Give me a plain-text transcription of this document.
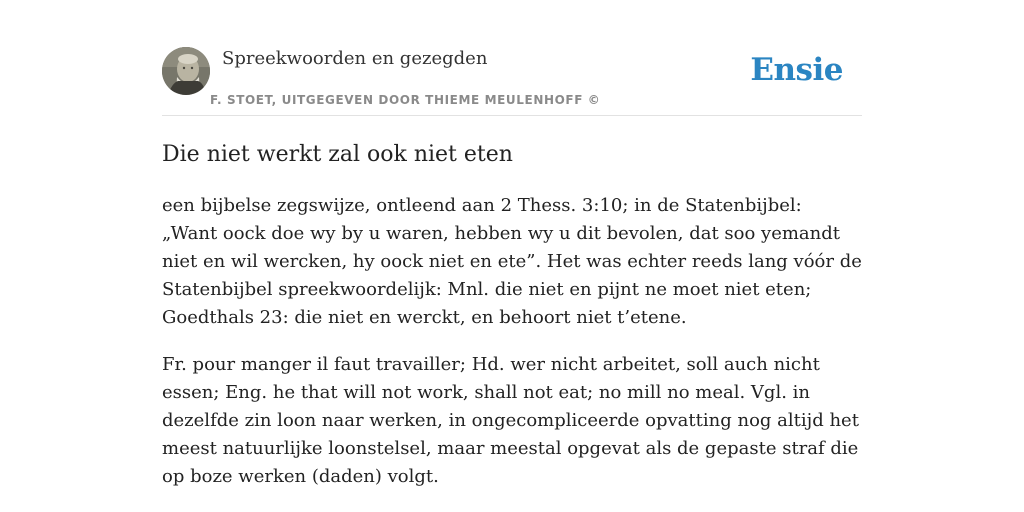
Spreekwoorden en gezegden
F. STOET, UITGEGEVEN DOOR THIEME MEULENHOFF ©
Ensie
Die niet werkt zal ook niet eten

een bijbelse zegswijze, ontleend aan 2 Thess. 3:10; in de Statenbijbel: „Want oock doe wy by u waren, hebben wy u dit bevolen, dat soo yemandt niet en wil wercken, hy oock niet en ete”. Het was echter reeds lang vóór de Statenbijbel spreekwoordelijk: Mnl. die niet en pijnt ne moet niet eten; Goedthals 23: die niet en werckt, en behoort niet t’etene.

Fr. pour manger il faut travailler; Hd. wer nicht arbeitet, soll auch nicht essen; Eng. he that will not work, shall not eat; no mill no meal. Vgl. in dezelfde zin loon naar werken, in ongecompliceerde opvatting nog altijd het meest natuurlijke loonstelsel, maar meestal opgevat als de gepaste straf die op boze werken (daden) volgt.
